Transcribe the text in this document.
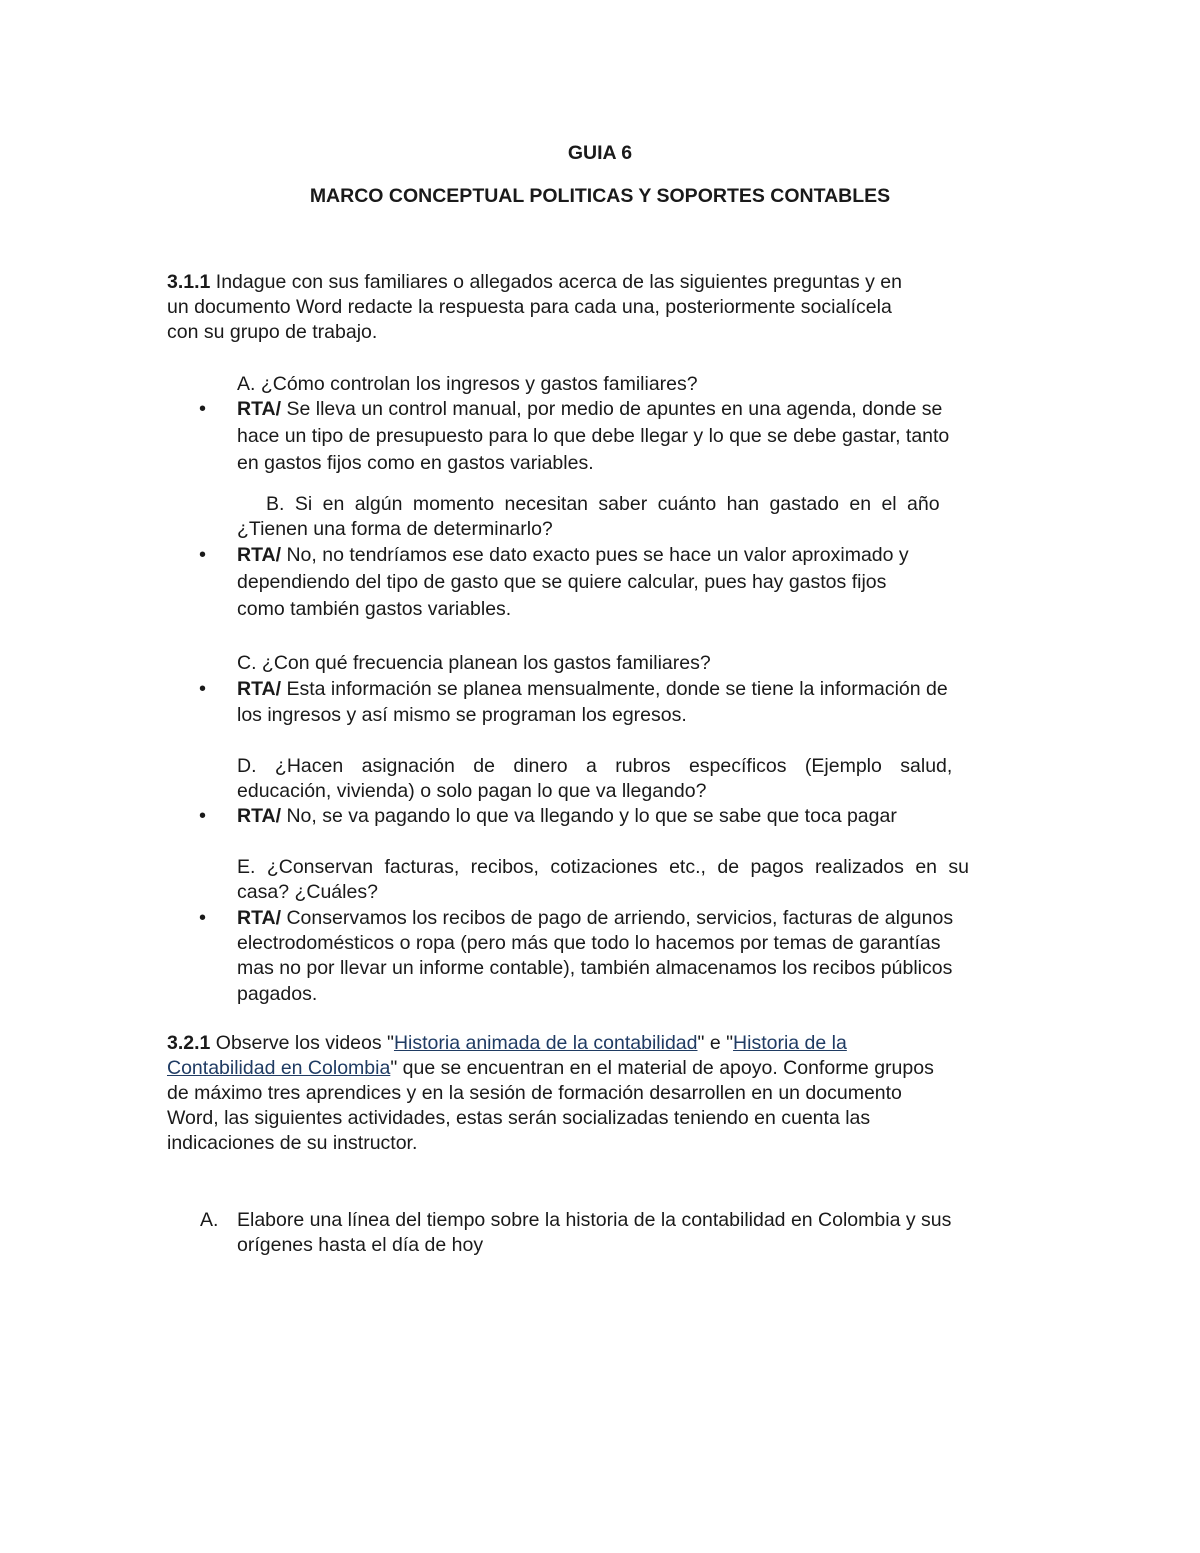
GUIA 6
MARCO CONCEPTUAL POLITICAS Y SOPORTES CONTABLES
3.1.1 Indague con sus familiares o allegados acerca de las siguientes preguntas y en
un documento Word redacte la respuesta para cada una, posteriormente socialícela
con su grupo de trabajo.
A. ¿Cómo controlan los ingresos y gastos familiares?
• RTA/ Se lleva un control manual, por medio de apuntes en una agenda, donde se
hace un tipo de presupuesto para lo que debe llegar y lo que se debe gastar, tanto
en gastos fijos como en gastos variables.
B. Si en algún momento necesitan saber cuánto han gastado en el año
¿Tienen una forma de determinarlo?
• RTA/ No, no tendríamos ese dato exacto pues se hace un valor aproximado y
dependiendo del tipo de gasto que se quiere calcular, pues hay gastos fijos
como también gastos variables.
C. ¿Con qué frecuencia planean los gastos familiares?
• RTA/ Esta información se planea mensualmente, donde se tiene la información de
los ingresos y así mismo se programan los egresos.
D. ¿Hacen asignación de dinero a rubros específicos (Ejemplo salud,
educación, vivienda) o solo pagan lo que va llegando?
• RTA/ No, se va pagando lo que va llegando y lo que se sabe que toca pagar
E. ¿Conservan facturas, recibos, cotizaciones etc., de pagos realizados en su
casa? ¿Cuáles?
• RTA/ Conservamos los recibos de pago de arriendo, servicios, facturas de algunos
electrodomésticos o ropa (pero más que todo lo hacemos por temas de garantías
mas no por llevar un informe contable), también almacenamos los recibos públicos
pagados.
3.2.1 Observe los videos "Historia animada de la contabilidad" e "Historia de la
Contabilidad en Colombia" que se encuentran en el material de apoyo. Conforme grupos
de máximo tres aprendices y en la sesión de formación desarrollen en un documento
Word, las siguientes actividades, estas serán socializadas teniendo en cuenta las
indicaciones de su instructor.
A. Elabore una línea del tiempo sobre la historia de la contabilidad en Colombia y sus
orígenes hasta el día de hoy
